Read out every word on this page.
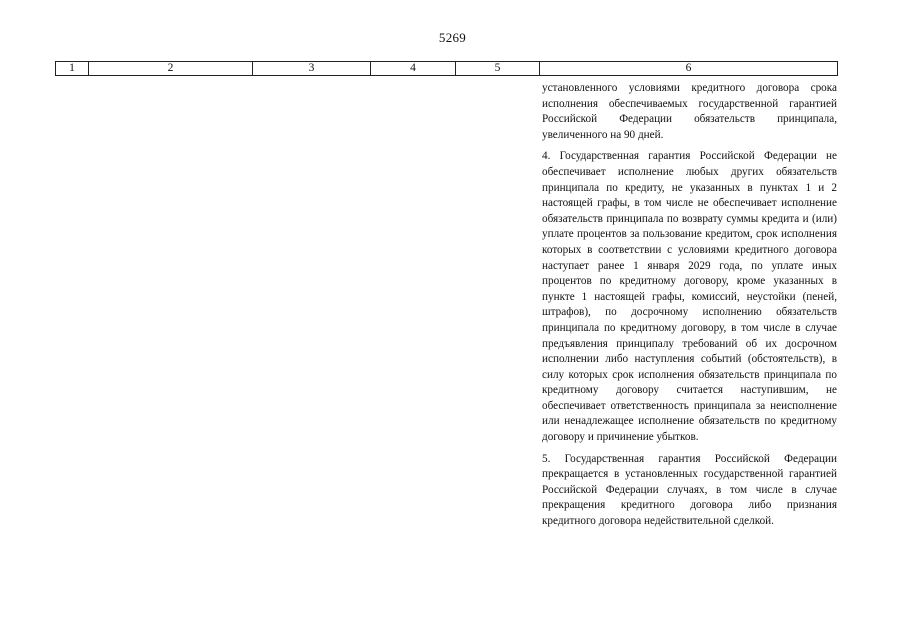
5269
1	2	3	4	5	6

установленного условиями кредитного договора срока исполнения обеспечиваемых государственной гарантией Российской Федерации обязательств принципала, увеличенного на 90 дней.

4. Государственная гарантия Российской Федерации не обеспечивает исполнение любых других обязательств принципала по кредиту, не указанных в пунктах 1 и 2 настоящей графы, в том числе не обеспечивает исполнение обязательств принципала по возврату суммы кредита и (или) уплате процентов за пользование кредитом, срок исполнения которых в соответствии с условиями кредитного договора наступает ранее 1 января 2029 года, по уплате иных процентов по кредитному договору, кроме указанных в пункте 1 настоящей графы, комиссий, неустойки (пеней, штрафов), по досрочному исполнению обязательств принципала по кредитному договору, в том числе в случае предъявления принципалу требований об их досрочном исполнении либо наступления событий (обстоятельств), в силу которых срок исполнения обязательств принципала по кредитному договору считается наступившим, не обеспечивает ответственность принципала за неисполнение или ненадлежащее исполнение обязательств по кредитному договору и причинение убытков.

5. Государственная гарантия Российской Федерации прекращается в установленных государственной гарантией Российской Федерации случаях, в том числе в случае прекращения кредитного договора либо признания кредитного договора недействительной сделкой.
